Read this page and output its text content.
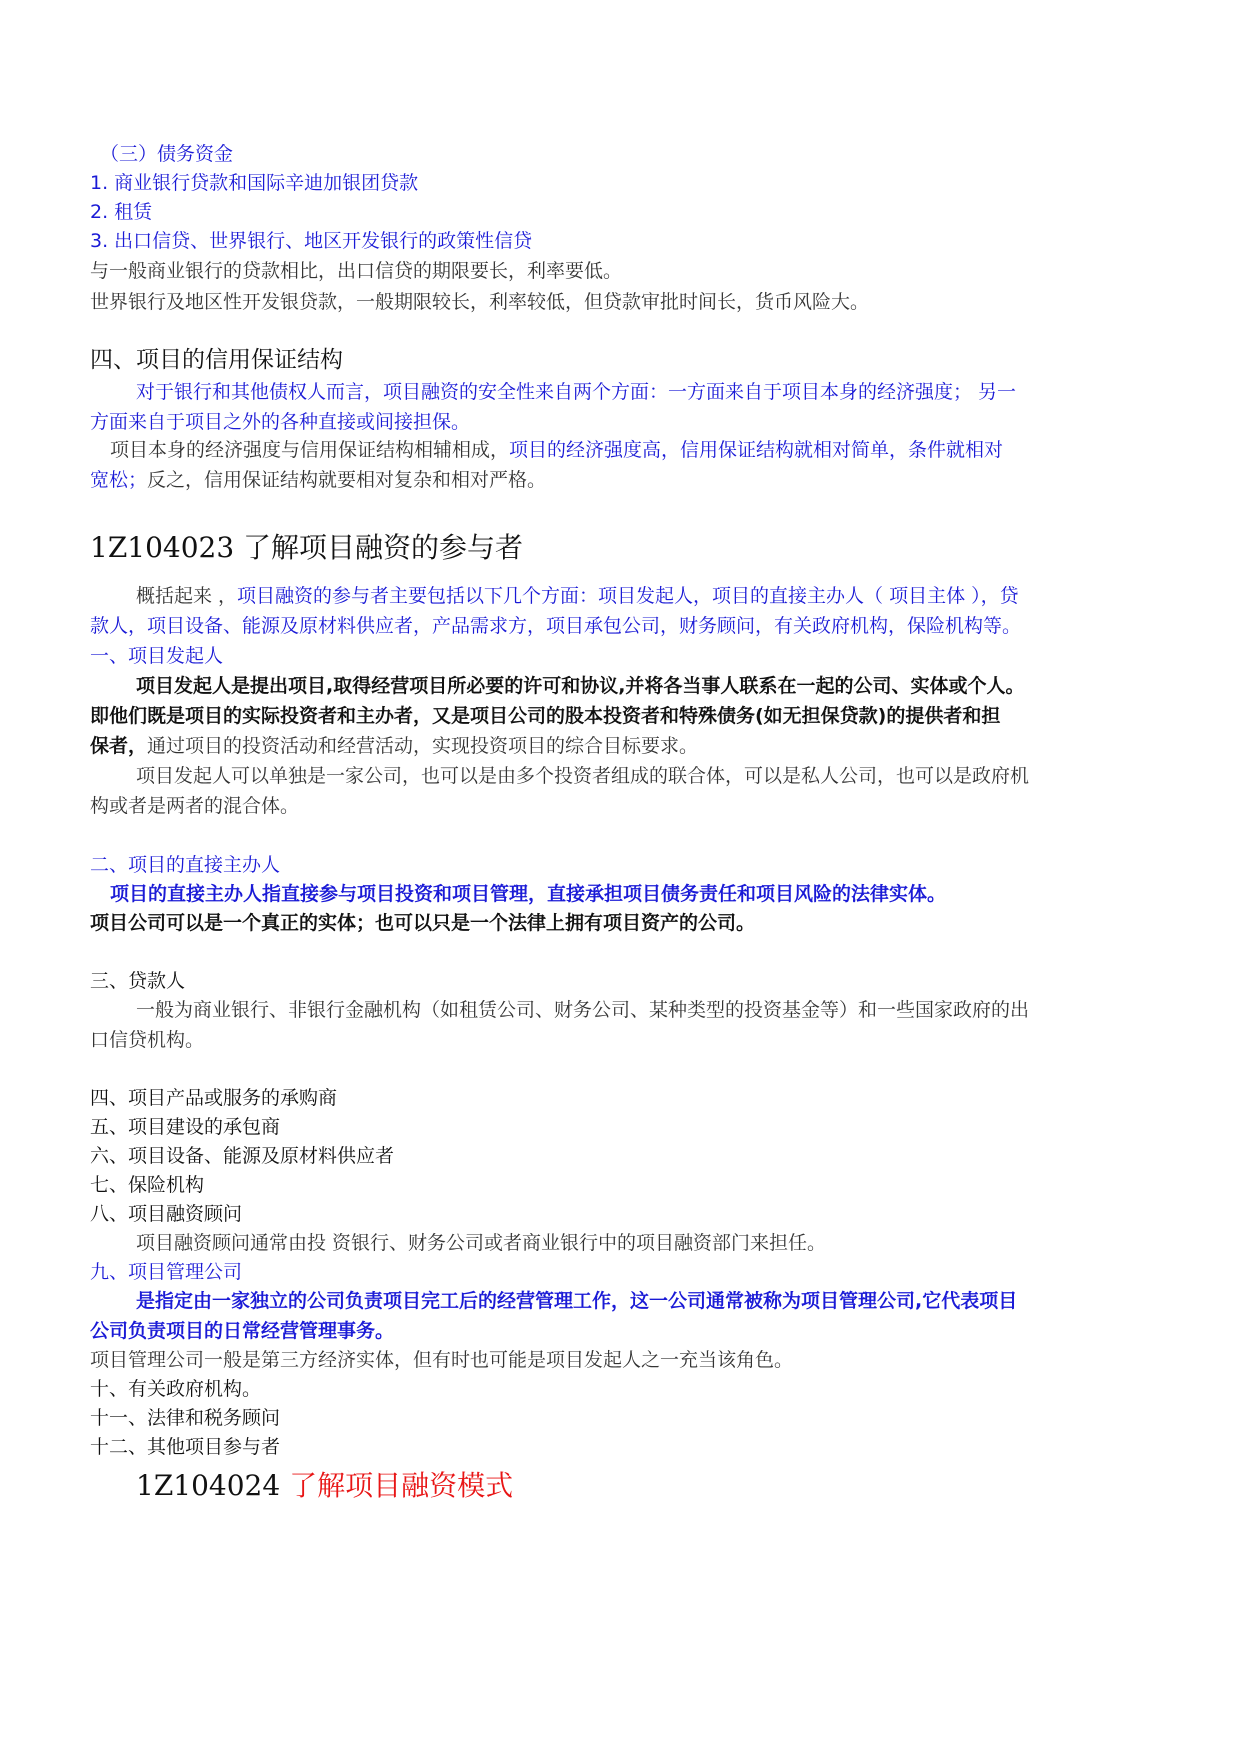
（三）债务资金
1. 商业银行贷款和国际辛迪加银团贷款
2. 租赁
3. 出口信贷、世界银行、地区开发银行的政策性信贷
与一般商业银行的贷款相比，出口信贷的期限要长，利率要低。
世界银行及地区性开发银贷款，一般期限较长，利率较低，但贷款审批时间长，货币风险大。
四、项目的信用保证结构
对于银行和其他债权人而言，项目融资的安全性来自两个方面：一方面来自于项目本身的经济强度； 另一
方面来自于项目之外的各种直接或间接担保。
项目本身的经济强度与信用保证结构相辅相成，项目的经济强度高，信用保证结构就相对简单，条件就相对
宽松；反之，信用保证结构就要相对复杂和相对严格。
1Z104023 了解项目融资的参与者
概括起来 ，项目融资的参与者主要包括以下几个方面：项目发起人，项目的直接主办人（ 项目主体 ），贷
款人，项目设备、能源及原材料供应者，产品需求方，项目承包公司，财务顾问，有关政府机构，保险机构等。
一、项目发起人
项目发起人是提出项目,取得经营项目所必要的许可和协议,并将各当事人联系在一起的公司、实体或个人。
即他们既是项目的实际投资者和主办者，又是项目公司的股本投资者和特殊债务(如无担保贷款)的提供者和担
保者，通过项目的投资活动和经营活动，实现投资项目的综合目标要求。
项目发起人可以单独是一家公司，也可以是由多个投资者组成的联合体，可以是私人公司，也可以是政府机
构或者是两者的混合体。
二、项目的直接主办人
项目的直接主办人指直接参与项目投资和项目管理，直接承担项目债务责任和项目风险的法律实体。
项目公司可以是一个真正的实体；也可以只是一个法律上拥有项目资产的公司。
三、贷款人
一般为商业银行、非银行金融机构（如租赁公司、财务公司、某种类型的投资基金等）和一些国家政府的出
口信贷机构。
四、项目产品或服务的承购商
五、项目建设的承包商
六、项目设备、能源及原材料供应者
七、保险机构
八、项目融资顾问
项目融资顾问通常由投 资银行、财务公司或者商业银行中的项目融资部门来担任。
九、项目管理公司
是指定由一家独立的公司负责项目完工后的经营管理工作，这一公司通常被称为项目管理公司,它代表项目
公司负责项目的日常经营管理事务。
项目管理公司一般是第三方经济实体，但有时也可能是项目发起人之一充当该角色。
十、有关政府机构。
十一、法律和税务顾问
十二、其他项目参与者
1Z104024 了解项目融资模式
